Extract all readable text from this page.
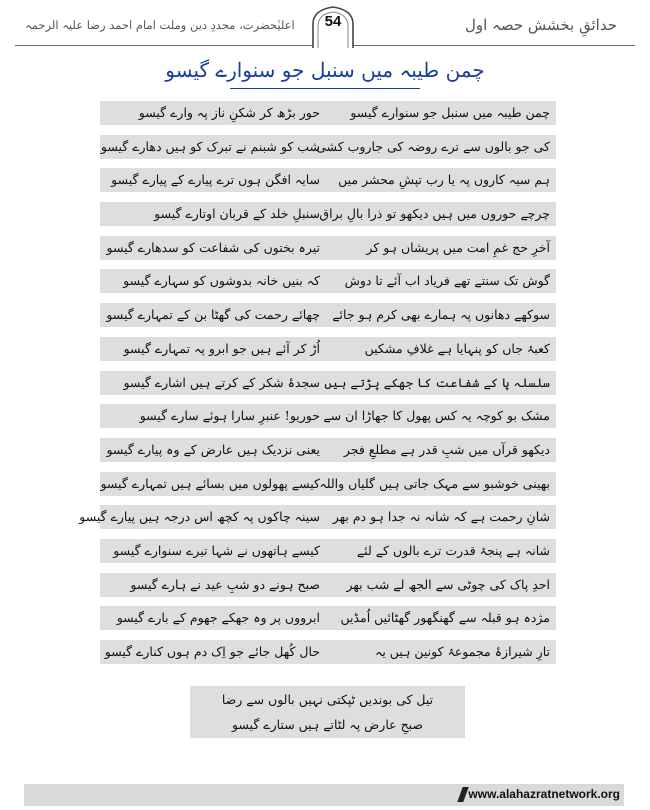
اعلیٰحضرت، مجددِ دین وملت امام احمد رضا علیہ الرحمہ	حدائقِ بخشش حصہ اول
54
چمن طیبہ میں سنبل جو سنوارے گیسو
چمن طیبہ میں سنبل جو سنوارے گیسو
حور بڑھ کر شکنِ ناز پہ وارے گیسو
کی جو بالوں سے ترے روضہ کی جاروب کشی
شب کو شبنم نے تبرک کو ہیں دھارے گیسو
ہم سیہ کاروں پہ یا رب تپشِ محشر میں
سایہ افگن ہوں ترے پیارے کے پیارے گیسو
چرچے حوروں میں ہیں دیکھو تو ذرا بالِ براق
سنبلِ خلد کے قربان اوتارے گیسو
آخرِ حج غمِ امت میں پریشاں ہو کر
تیرہ بختوں کی شفاعت کو سدھارے گیسو
گوش تک سنتے تھے فریاد اب آئے تا دوش
کہ بنیں خانہ بدوشوں کو سہارے گیسو
سوکھے دھانوں پہ ہمارے بھی کرم ہو جائے
چھائے رحمت کی گھٹا بن کے تمہارے گیسو
کعبۂ جاں کو پنہایا ہے غلافِ مشکیں
اُڑ کر آئے ہیں جو ابرو پہ تمہارے گیسو
سلسلہ پا کے شفاعت کا جھکے پڑتے ہیں
سجدۂ شکر کے کرتے ہیں اشارے گیسو
مشک بو کوچہ یہ کس پھول کا جھاڑا ان سے
حوریو! عنبرِ سارا ہوئے سارے گیسو
دیکھو قرآں میں شبِ قدر ہے مطلعِ فجر
یعنی نزدیک ہیں عارض کے وہ پیارے گیسو
بھینی خوشبو سے مہک جاتی ہیں گلیاں واللہ
کیسے پھولوں میں بسائے ہیں تمہارے گیسو
شانِ رحمت ہے کہ شانہ نہ جدا ہو دم بھر
سینہ چاکوں پہ کچھ اس درجہ ہیں پیارے گیسو
شانہ ہے پنجۂ قدرت ترے بالوں کے لئے
کیسے ہاتھوں نے شہا تیرے سنوارے گیسو
احدِ پاک کی چوٹی سے الجھ لے شب بھر
صبح ہونے دو شبِ عید نے ہارے گیسو
مژدہ ہو قبلہ سے گھنگھور گھٹائیں اُمڈیں
ابرووں پر وہ جھکے جھوم کے بارے گیسو
تارِ شیرازۂ مجموعۂ کونین ہیں یہ
حال کُھل جائے جو اِک دم ہوں کنارے گیسو
تیل کی بوندیں ٹپکتی نہیں بالوں سے رضا
صبحِ عارض پہ لٹاتے ہیں ستارے گیسو
www.alahazratnetwork.org
